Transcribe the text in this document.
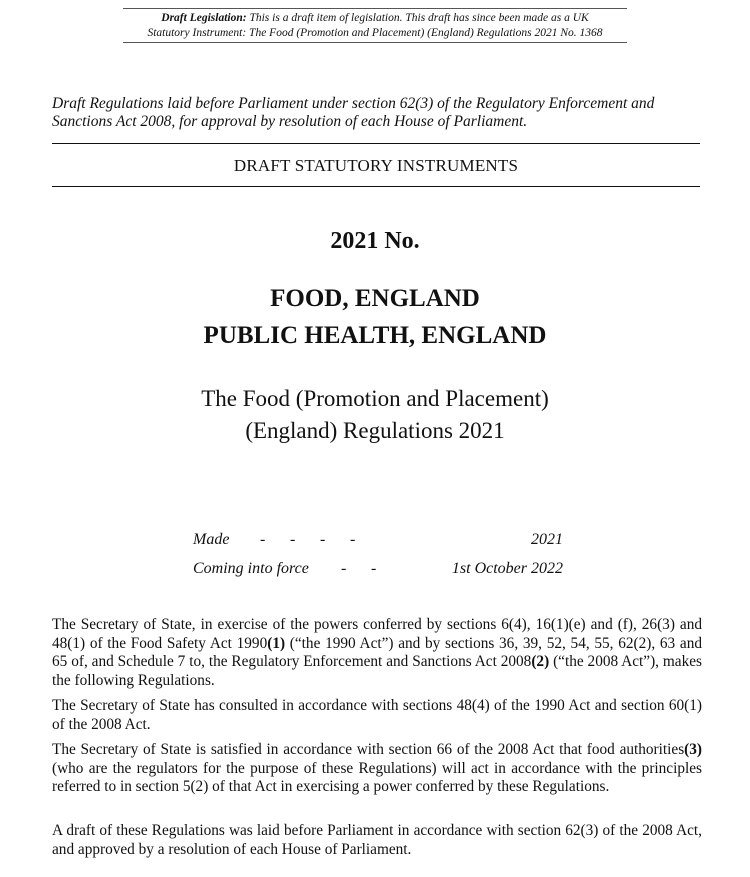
Draft Legislation: This is a draft item of legislation. This draft has since been made as a UK
Statutory Instrument: The Food (Promotion and Placement) (England) Regulations 2021 No. 1368
Draft Regulations laid before Parliament under section 62(3) of the Regulatory Enforcement and Sanctions Act 2008, for approval by resolution of each House of Parliament.
DRAFT STATUTORY INSTRUMENTS
2021 No.
FOOD, ENGLAND
PUBLIC HEALTH, ENGLAND
The Food (Promotion and Placement)
(England) Regulations 2021
Made - - - -	2021
Coming into force - -	1st October 2022
The Secretary of State, in exercise of the powers conferred by sections 6(4), 16(1)(e) and (f), 26(3) and 48(1) of the Food Safety Act 1990(1) (“the 1990 Act”) and by sections 36, 39, 52, 54, 55, 62(2), 63 and 65 of, and Schedule 7 to, the Regulatory Enforcement and Sanctions Act 2008(2) (“the 2008 Act”), makes the following Regulations.
The Secretary of State has consulted in accordance with sections 48(4) of the 1990 Act and section 60(1) of the 2008 Act.
The Secretary of State is satisfied in accordance with section 66 of the 2008 Act that food authorities(3) (who are the regulators for the purpose of these Regulations) will act in accordance with the principles referred to in section 5(2) of that Act in exercising a power conferred by these Regulations.
A draft of these Regulations was laid before Parliament in accordance with section 62(3) of the 2008 Act, and approved by a resolution of each House of Parliament.
